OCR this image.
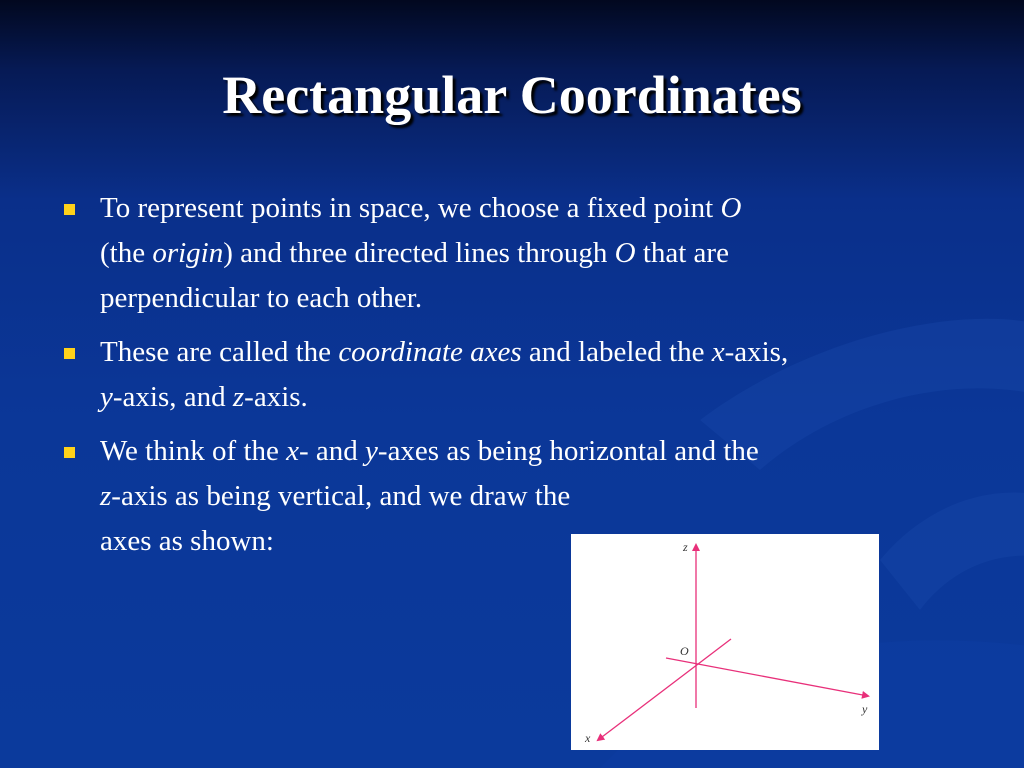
Rectangular Coordinates
To represent points in space, we choose a fixed point O
(the origin) and three directed lines through O that are
perpendicular to each other.
These are called the coordinate axes and labeled the x-axis,
y-axis, and z-axis.
We think of the x- and y-axes as being horizontal and the
z-axis as being vertical, and we draw the
axes as shown:	z
y
x
O
